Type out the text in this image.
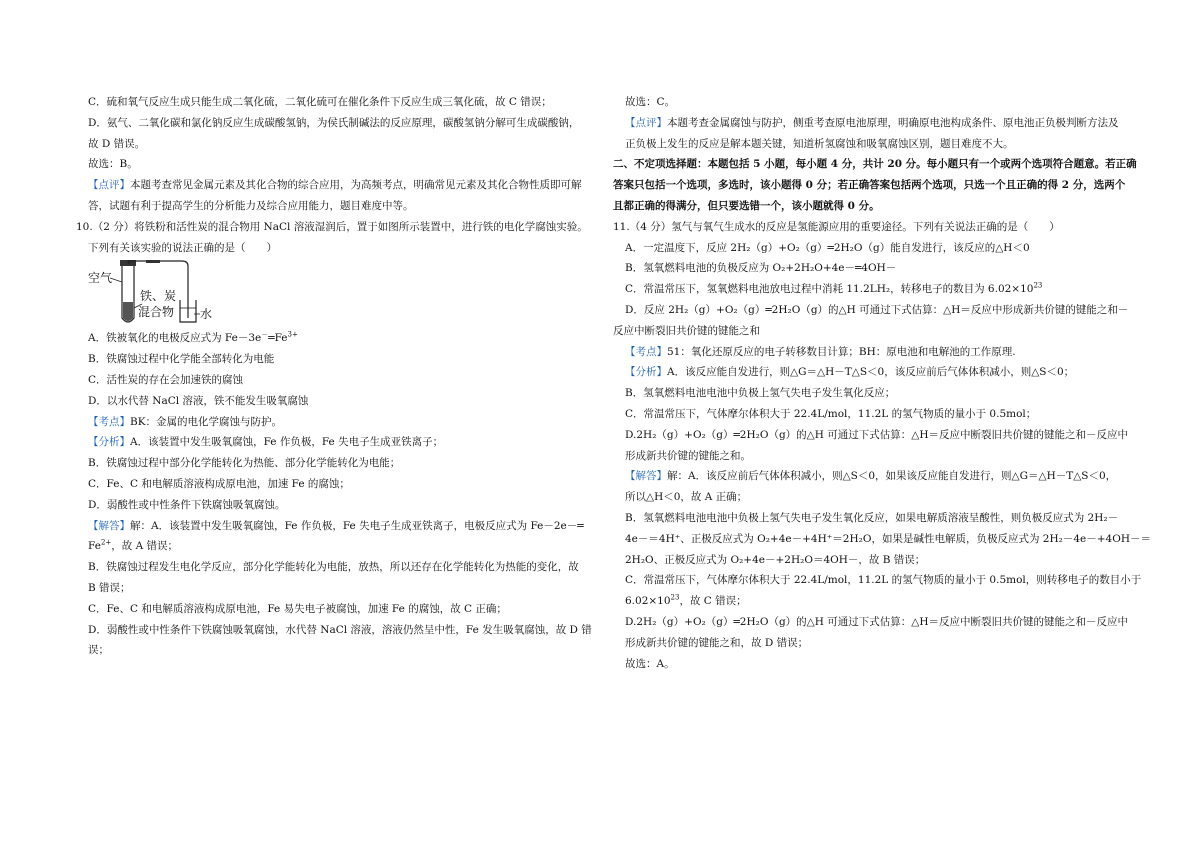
C．硫和氧气反应生成只能生成二氧化硫，二氧化硫可在催化条件下反应生成三氧化硫，故 C 错误；
D．氨气、二氧化碳和氯化钠反应生成碳酸氢钠，为侯氏制碱法的反应原理，碳酸氢钠分解可生成碳酸钠，
故 D 错误。
故选：B。
【点评】本题考查常见金属元素及其化合物的综合应用，为高频考点，明确常见元素及其化合物性质即可解
答，试题有利于提高学生的分析能力及综合应用能力，题目难度中等。
10.（2 分）将铁粉和活性炭的混合物用 NaCl 溶液湿润后，置于如图所示装置中，进行铁的电化学腐蚀实验。
下列有关该实验的说法正确的是（　　）
空气
铁、炭
混合物 水
A．铁被氧化的电极反应式为 $Fe-3e^-═Fe^{3+}$
B．铁腐蚀过程中化学能全部转化为电能
C．活性炭的存在会加速铁的腐蚀
D．以水代替 NaCl 溶液，铁不能发生吸氧腐蚀
【考点】BK：金属的电化学腐蚀与防护。
【分析】A．该装置中发生吸氧腐蚀，Fe 作负极，Fe 失电子生成亚铁离子；
B．铁腐蚀过程中部分化学能转化为热能、部分化学能转化为电能；
C．Fe、C 和电解质溶液构成原电池，加速 Fe 的腐蚀；
D．弱酸性或中性条件下铁腐蚀吸氧腐蚀。
【解答】解：A．该装置中发生吸氧腐蚀，Fe 作负极，Fe 失电子生成亚铁离子，电极反应式为 Fe－2e－═
$Fe^{2+}$，故 A 错误；
B．铁腐蚀过程发生电化学反应，部分化学能转化为电能，放热，所以还存在化学能转化为热能的变化，故
B 错误；
C．Fe、C 和电解质溶液构成原电池，Fe 易失电子被腐蚀，加速 Fe 的腐蚀，故 C 正确；
D．弱酸性或中性条件下铁腐蚀吸氧腐蚀，水代替 NaCl 溶液，溶液仍然呈中性，Fe 发生吸氧腐蚀，故 D 错
误；
故选：C。
【点评】本题考查金属腐蚀与防护，侧重考查原电池原理，明确原电池构成条件、原电池正负极判断方法及
正负极上发生的反应是解本题关键，知道析氢腐蚀和吸氧腐蚀区别，题目难度不大。
二、不定项选择题：本题包括 5 小题，每小题 4 分，共计 20 分。每小题只有一个或两个选项符合题意。若正确
答案只包括一个选项，多选时，该小题得 0 分；若正确答案包括两个选项，只选一个且正确的得 2 分，选两个
且都正确的得满分，但只要选错一个，该小题就得 0 分。
11.（4 分）氢气与氧气生成水的反应是氢能源应用的重要途径。下列有关说法正确的是（　　）
A．一定温度下，反应 2H₂（g）+O₂（g）═2H₂O（g）能自发进行，该反应的△H＜0
B．氢氧燃料电池的负极反应为 O₂+2H₂O+4e－═4OH－
C．常温常压下，氢氧燃料电池放电过程中消耗 11.2LH₂，转移电子的数目为 $6.02\times 10^{23}$
D．反应 2H₂（g）+O₂（g）═2H₂O（g）的△H 可通过下式估算：△H＝反应中形成新共价键的键能之和－
反应中断裂旧共价键的键能之和
【考点】51：氧化还原反应的电子转移数目计算；BH：原电池和电解池的工作原理.
【分析】A．该反应能自发进行，则△G＝△H－T△S＜0，该反应前后气体体积减小，则△S＜0；
B．氢氧燃料电池电池中负极上氢气失电子发生氧化反应；
C．常温常压下，气体摩尔体积大于 22.4L/mol，11.2L 的氢气物质的量小于 0.5mol；
D.2H₂（g）+O₂（g）═2H₂O（g）的△H 可通过下式估算：△H＝反应中断裂旧共价键的键能之和－反应中
形成新共价键的键能之和。
【解答】解：A．该反应前后气体体积减小，则△S＜0，如果该反应能自发进行，则△G＝△H－T△S＜0，
所以△H＜0，故 A 正确；
B．氢氧燃料电池电池中负极上氢气失电子发生氧化反应，如果电解质溶液呈酸性，则负极反应式为 2H₂－
4e－＝4H⁺、正极反应式为 O₂+4e－+4H⁺＝2H₂O，如果是碱性电解质，负极反应式为 2H₂－4e－+4OH－＝
2H₂O、正极反应式为 O₂+4e－+2H₂O＝4OH－，故 B 错误；
C．常温常压下，气体摩尔体积大于 22.4L/mol，11.2L 的氢气物质的量小于 0.5mol，则转移电子的数目小于
$6.02\times 10^{23}$，故 C 错误；
D.2H₂（g）+O₂（g）═2H₂O（g）的△H 可通过下式估算：△H＝反应中断裂旧共价键的键能之和－反应中
形成新共价键的键能之和，故 D 错误；
故选：A。
